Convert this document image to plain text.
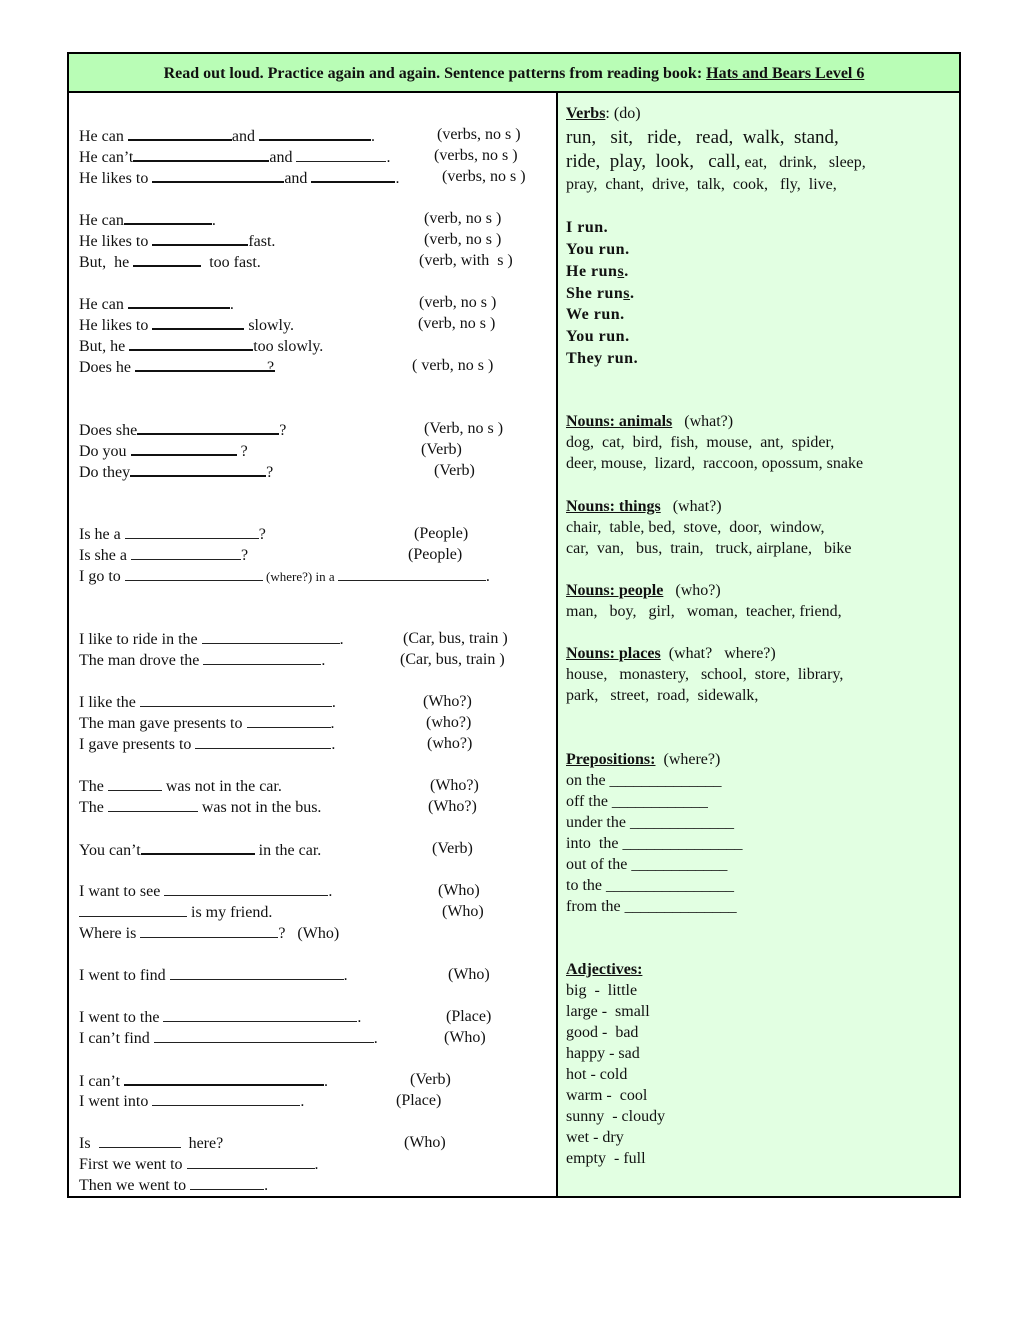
Read out loud. Practice again and again. Sentence patterns from reading book: Hats and Bears Level 6
He can	and	.	(verbs, no s )
He can’t	and	.	(verbs, no s )
He likes to	and	.	(verbs, no s )
He can	.	(verb, no s )
He likes to	fast.	(verb, no s )
But,  he	too fast.	(verb, with  s )
He can	.	(verb, no s )
He likes to	slowly.	(verb, no s )
But, he	too slowly.
Does he	?	( verb, no s )
Does she	?	(Verb, no s )
Do you	?	(Verb)
Do they	?	(Verb)
Is he a	?	(People)
Is she a	?	(People)
I go to	(where?) in a	.
I like to ride in the	.	(Car, bus, train )
The man drove the	.	(Car, bus, train )
I like the	.	(Who?)
The man gave presents to	.	(who?)
I gave presents to	.	(who?)
The	was not in the car.	(Who?)
The	was not in the bus.	(Who?)
You can’t	in the car.	(Verb)
I want to see	.	(Who)
is my friend.	(Who)
Where is	?   (Who)
I went to find	.	(Who)
I went to the	.	(Place)
I can’t find	.	(Who)
I can’t	.	(Verb)
I went into	.	(Place)
Is	here?	(Who)
First we went to	.
Then we went to	.
Verbs: (do)
run,   sit,   ride,   read,  walk,  stand,
ride,  play,  look,   call, eat,   drink,   sleep,
pray,  chant,  drive,  talk,  cook,   fly,  live,
I run.
You run.
He runs.
She runs.
We run.
You run.
They run.
Nouns: animals   (what?)
dog,  cat,  bird,  fish,  mouse,  ant,  spider,
deer, mouse,  lizard,  raccoon, opossum, snake
Nouns: things   (what?)
chair,  table, bed,  stove,  door,  window,
car,  van,   bus,  train,   truck, airplane,   bike
Nouns: people   (who?)
man,   boy,   girl,   woman,  teacher, friend,
Nouns: places  (what?   where?)
house,   monastery,   school,  store,  library,
park,   street,  road,  sidewalk,
Prepositions:  (where?)
on the ______________
off the ____________
under the _____________
into  the _______________
out of the ____________
to the ________________
from the ______________
Adjectives:
big  -  little
large -  small
good -  bad
happy - sad
hot - cold
warm -  cool
sunny  - cloudy
wet - dry
empty  - full
